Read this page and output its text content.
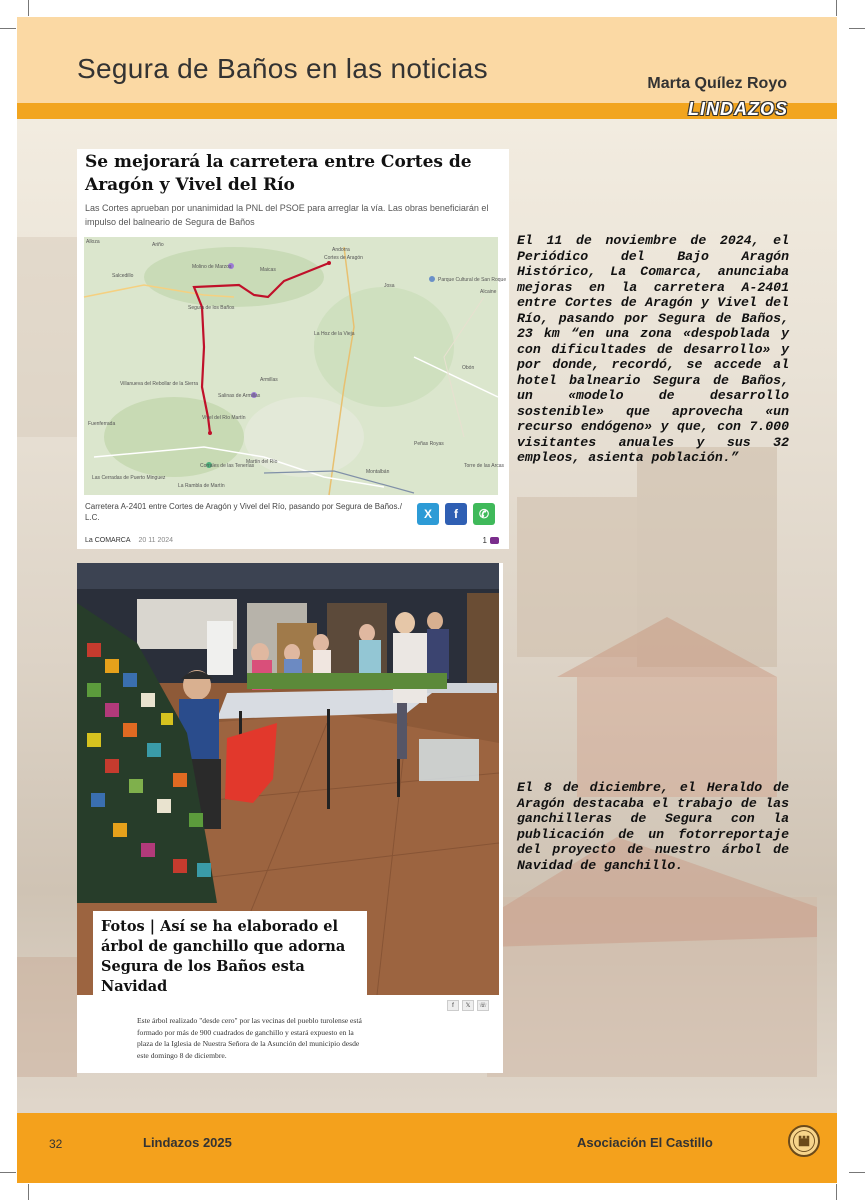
Segura de Baños en las noticias	Marta Quílez Royo
LINDAZOS
Se mejorará la carretera entre Cortes de Aragón y Vivel del Río
Las Cortes aprueban por unanimidad la PNL del PSOE para arreglar la vía. Las obras beneficiarán el impulso del balneario de Segura de Baños
Alloza	Ariño
Andorra
Salcedillo
Molino de Marzos	Maicas
Cortes de Aragón
Josa
Parque Cultural de San Roque
Alcaine
Segura de los Baños
La Hoz de la Vieja
Obón
Villanueva del Rebollar de la Sierra
Armillas
Salinas de Armillas
Fuenferrada
Vivel del Río Martín
Peñas Royas
Martín del Río
Torre de las Arcas
Corrales de las Tenerías
Montalbán
La Rambla de Martín
Las Cerradas de Puerto Minguez
Carretera A-2401 entre Cortes de Aragón y Vivel del Río, pasando por Segura de Baños./ L.C.	X	f	✆
La COMARCA 20 11 2024	1
El 11 de noviembre de 2024, el Periódico del Bajo Aragón Histórico, La Comarca, anunciaba mejoras en la carretera A-2401 entre Cortes de Aragón y Vivel del Río, pasando por Segura de Baños, 23 km “en una zona «despoblada y con dificultades de desarrollo» y por donde, recordó, se accede al hotel balneario Segura de Baños, un «modelo de desarrollo sostenible» que aprovecha «un recurso endógeno» y que, con 7.000 visitantes anuales y sus 32 empleos, asienta población.”
Fotos | Así se ha elaborado el árbol de ganchillo que adorna Segura de los Baños esta Navidad
f	𝕏	☏
Este árbol realizado "desde cero" por las vecinas del pueblo turolense está formado por más de 900 cuadrados de ganchillo y estará expuesto en la plaza de la Iglesia de Nuestra Señora de la Asunción del municipio desde este domingo 8 de diciembre.
El 8 de diciembre, el Heraldo de Aragón destacaba el trabajo de las ganchilleras de Segura con la publicación de un fotorreportaje del proyecto de nuestro árbol de Navidad de ganchillo.
32	Lindazos 2025	Asociación El Castillo
